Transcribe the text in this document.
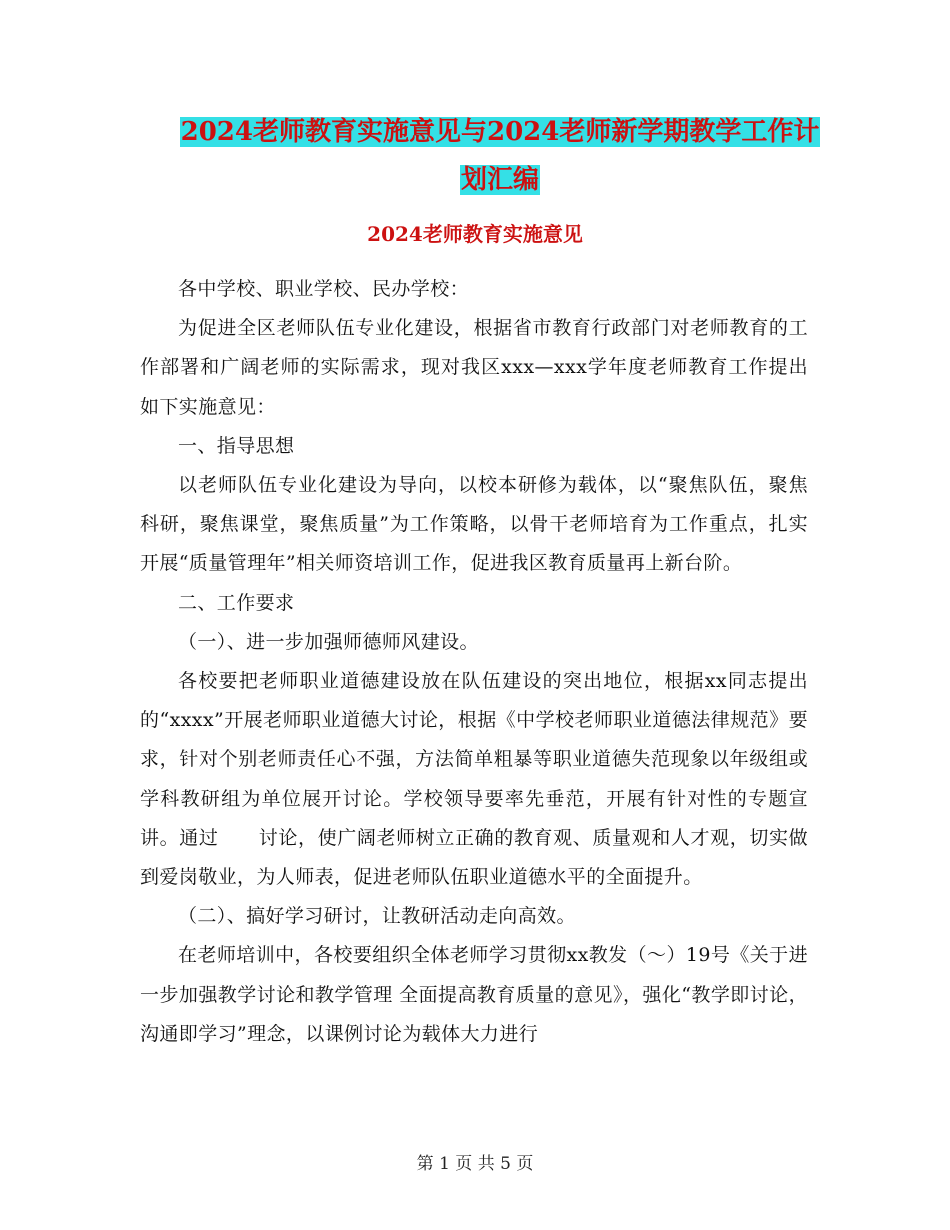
2024老师教育实施意见与2024老师新学期教学工作计
划汇编
2024老师教育实施意见

各中学校、职业学校、民办学校：

为促进全区老师队伍专业化建设，根据省市教育行政部门对老师教育的工作部署和广阔老师的实际需求，现对我区xxx—xxx学年度老师教育工作提出如下实施意见：

一、指导思想

以老师队伍专业化建设为导向，以校本研修为载体，以“聚焦队伍，聚焦科研，聚焦课堂，聚焦质量”为工作策略，以骨干老师培育为工作重点，扎实开展“质量管理年”相关师资培训工作，促进我区教育质量再上新台阶。

二、工作要求

（一）、进一步加强师德师风建设。

各校要把老师职业道德建设放在队伍建设的突出地位，根据xx同志提出的“xxxx”开展老师职业道德大讨论，根据《中学校老师职业道德法律规范》要求，针对个别老师责任心不强，方法简单粗暴等职业道德失范现象以年级组或学科教研组为单位展开讨论。学校领导要率先垂范，开展有针对性的专题宣讲。通过 讨论，使广阔老师树立正确的教育观、质量观和人才观，切实做到爱岗敬业，为人师表，促进老师队伍职业道德水平的全面提升。

（二）、搞好学习研讨，让教研活动走向高效。

在老师培训中，各校要组织全体老师学习贯彻xx教发（～）19号《关于进一步加强教学讨论和教学管理 全面提高教育质量的意见》，强化“教学即讨论，沟通即学习”理念，以课例讨论为载体大力进行

第 1 页 共 5 页
